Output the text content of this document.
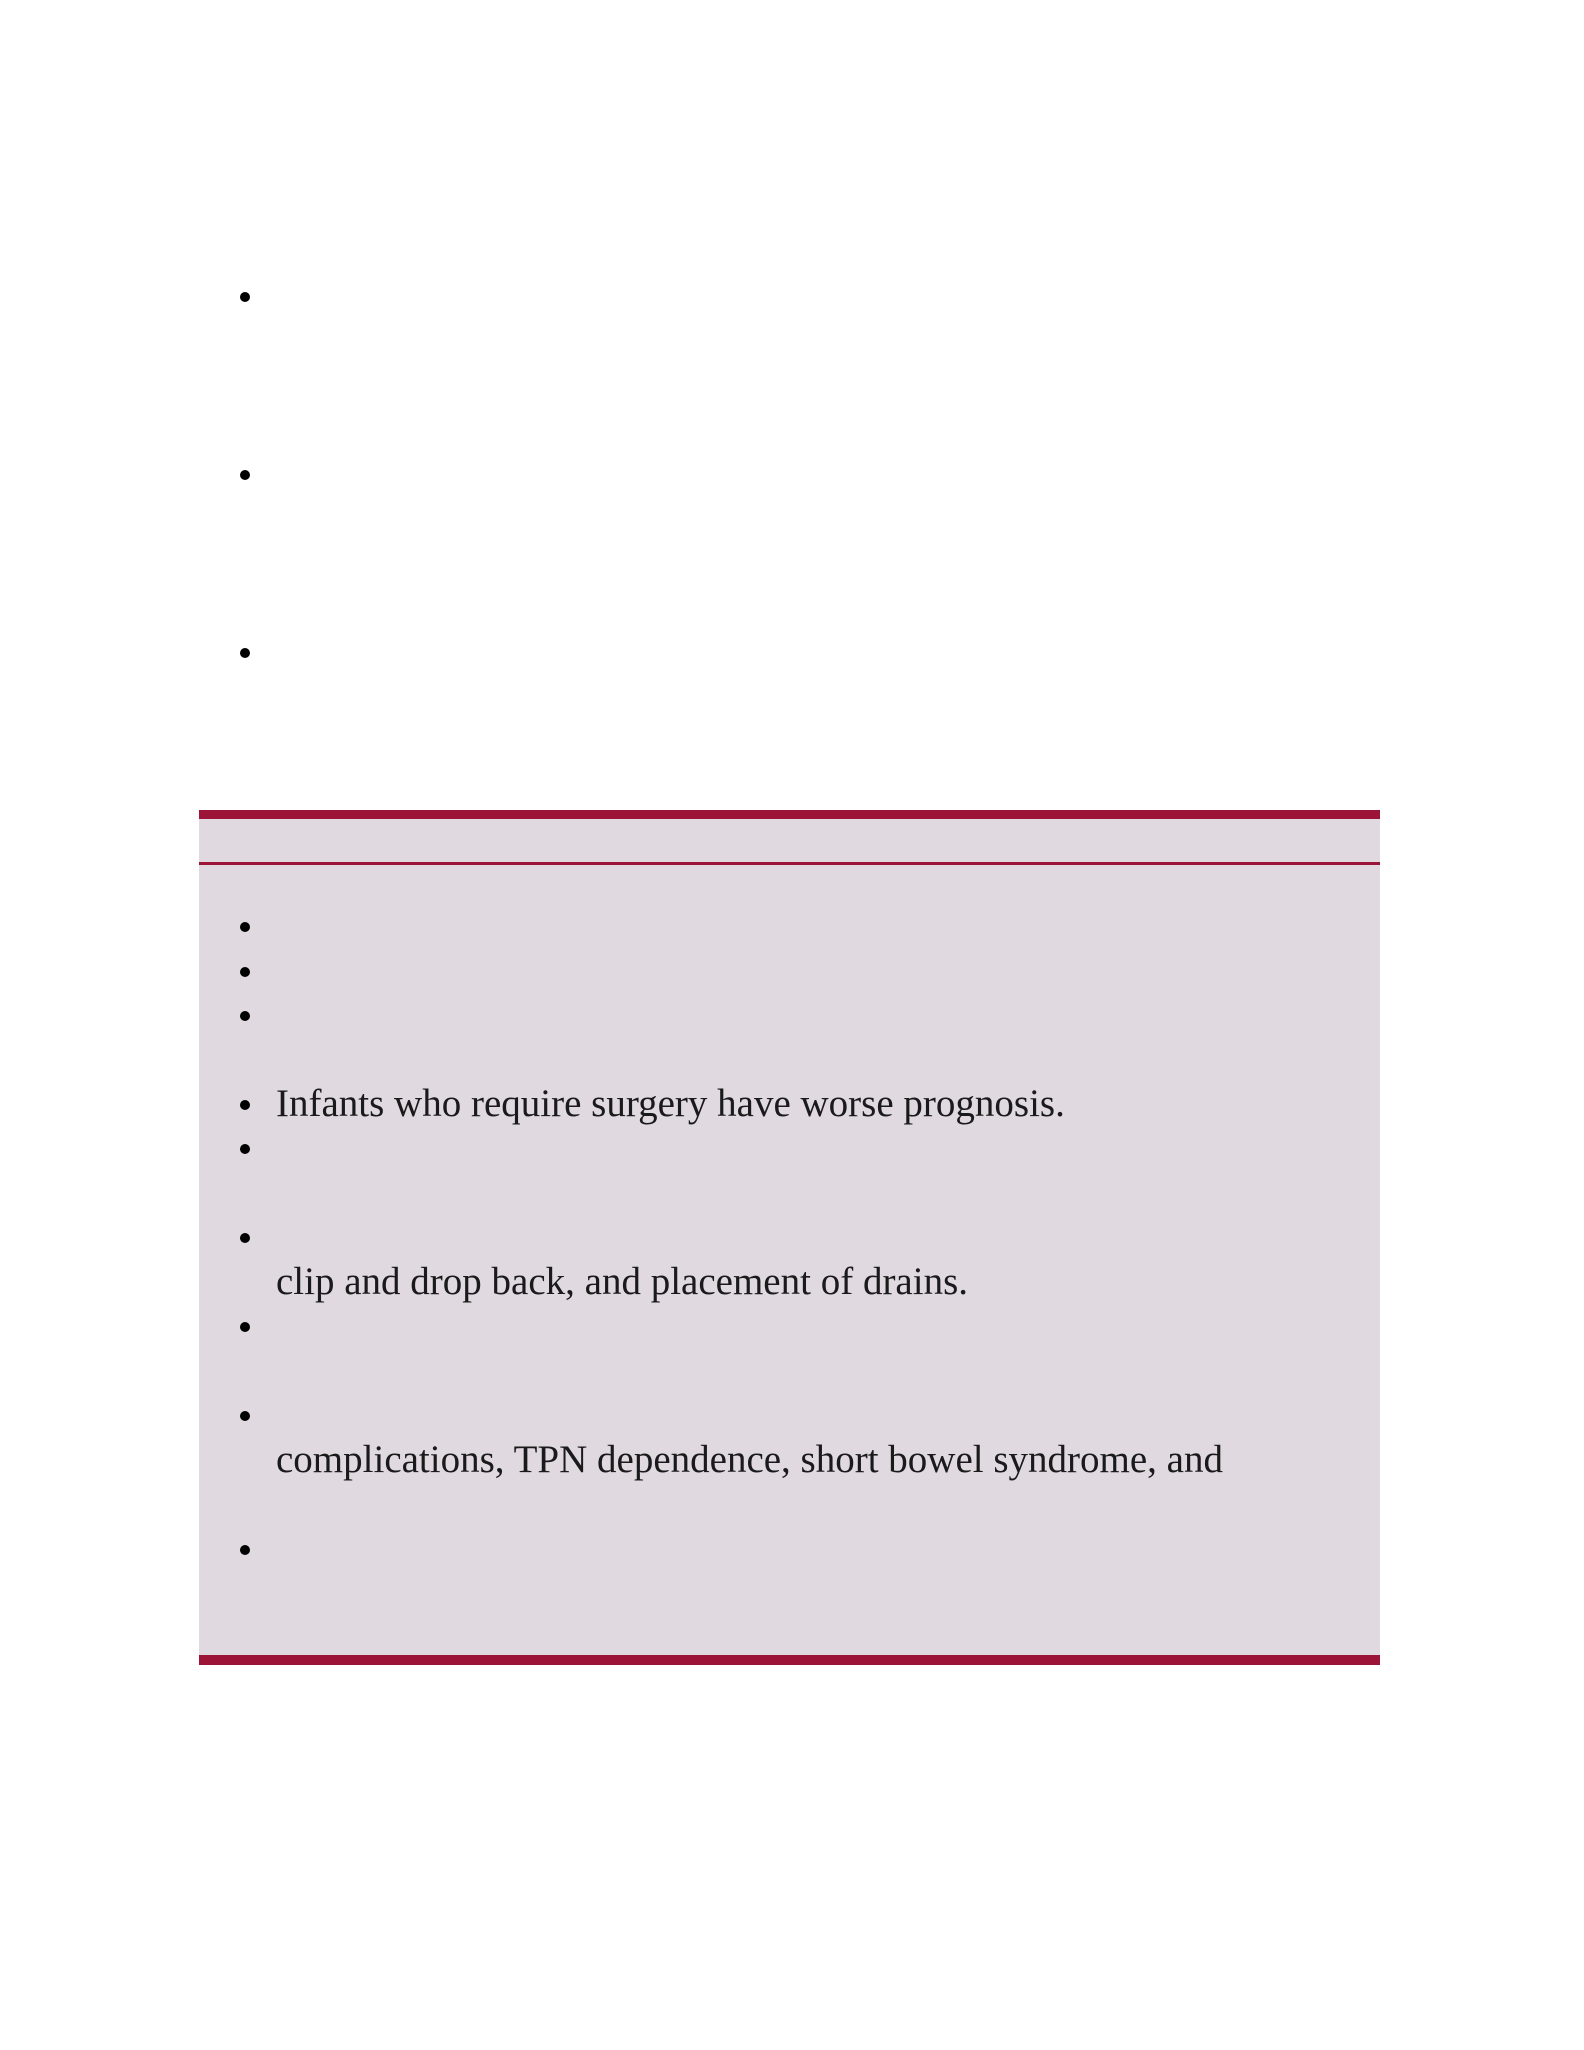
Infants who require surgery have worse prognosis.
clip and drop back, and placement of drains.
complications, TPN dependence, short bowel syndrome, and
